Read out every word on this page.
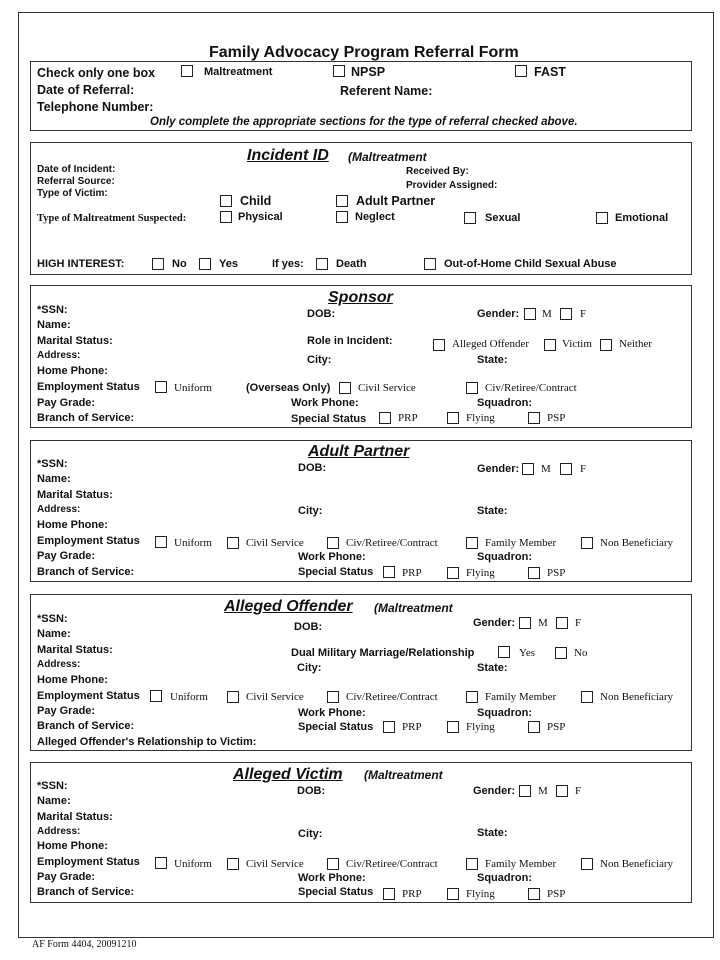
Family Advocacy Program Referral Form
Check only one box	Maltreatment	NPSP	FAST
Date of Referral:	Referent Name:
Telephone Number:
Only complete the appropriate sections for the type of referral checked above.
Incident ID (Maltreatment
Date of Incident:	Received By:
Referral Source:	Provider Assigned:
Type of Victim:
Child	Adult Partner
Type of Maltreatment Suspected:	Physical	Neglect	Sexual	Emotional
HIGH INTEREST:	No	Yes	If yes:	Death	Out-of-Home Child Sexual Abuse
Sponsor
*SSN:	DOB:	Gender: M	F
Name:
Marital Status:	Role in Incident:	Alleged Offender	Victim Neither
Address:	City:	State:
Home Phone:
Employment Status	Uniform	(Overseas Only)	Civil Service	Civ/Retiree/Contract
Pay Grade:	Work Phone:	Squadron:
Branch of Service:	Special Status	PRP	Flying	PSP
Adult Partner
*SSN:	DOB:	Gender: M	F
Name:
Marital Status:
Address:	City:	State:
Home Phone:
Employment Status	Uniform	Civil Service	Civ/Retiree/Contract	Family Member	Non Beneficiary
Pay Grade:	Work Phone:	Squadron:
Branch of Service:	Special Status	PRP	Flying	PSP
Alleged Offender (Maltreatment
*SSN:
DOB:	Gender: M F
Name:
Marital Status:	Dual Military Marriage/Relationship	Yes	No
Address:	City:	State:
Home Phone:
Employment Status	Uniform	Civil Service	Civ/Retiree/Contract	Family Member	Non Beneficiary
Pay Grade:	Work Phone:	Squadron:
Branch of Service:	Special Status	PRP	Flying	PSP
Alleged Offender's Relationship to Victim:
Alleged Victim (Maltreatment
*SSN:	DOB:	Gender: M F
Name:
Marital Status:
Address:	City:	State:
Home Phone:
Employment Status	Uniform	Civil Service	Civ/Retiree/Contract	Family Member	Non Beneficiary
Pay Grade:	Work Phone:	Squadron:
Branch of Service:	Special Status	PRP	Flying	PSP
AF Form 4404, 20091210
